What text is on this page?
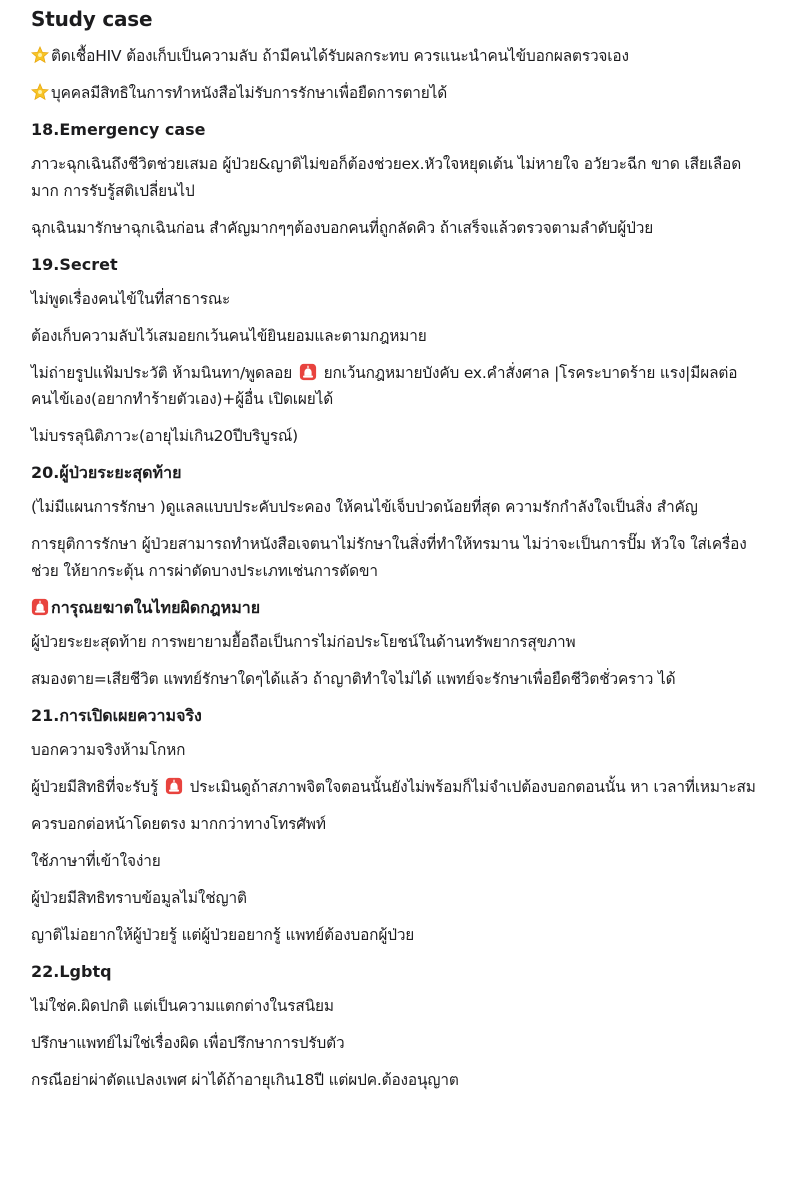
Study case
ติดเชื้อHIV ต้องเก็บเป็นความลับ ถ้ามีคนได้รับผลกระทบ ควรแนะนำคนไข้บอกผลตรวจเอง
บุคคลมีสิทธิในการทำหนังสือไม่รับการรักษาเพื่อยืดการตายได้
18.Emergency case
ภาวะฉุกเฉินถึงชีวิตช่วยเสมอ ผู้ป่วย&ญาติไม่ขอก็ต้องช่วยex.หัวใจหยุดเต้น ไม่หายใจ อวัยวะฉีก ขาด เสียเลือดมาก การรับรู้สติเปลี่ยนไป
ฉุกเฉินมารักษาฉุกเฉินก่อน สำคัญมากๆๆต้องบอกคนที่ถูกลัดคิว ถ้าเสร็จแล้วตรวจตามลำดับผู้ป่วย
19.Secret
ไม่พูดเรื่องคนไข้ในที่สาธารณะ
ต้องเก็บความลับไว้เสมอยกเว้นคนไข้ยินยอมและตามกฎหมาย
ไม่ถ่ายรูปแฟ้มประวัติ ห้ามนินทา/พูดลอย ยกเว้นกฎหมายบังคับ ex.คำสั่งศาล |โรคระบาดร้าย แรง|มีผลต่อคนไข้เอง(อยากทำร้ายตัวเอง)+ผู้อื่น เปิดเผยได้
ไม่บรรลุนิติภาวะ(อายุไม่เกิน20ปีบริบูรณ์)
20.ผู้ป่วยระยะสุดท้าย
(ไม่มีแผนการรักษา )ดูแลลแบบประคับประคอง ให้คนไข้เจ็บปวดน้อยที่สุด ความรักกำลังใจเป็นสิ่ง สำคัญ
การยุติการรักษา ผู้ป่วยสามารถทำหนังสือเจตนาไม่รักษาในสิ่งที่ทำให้ทรมาน ไม่ว่าจะเป็นการปั๊ม หัวใจ ใส่เครื่องช่วย ให้ยากระตุ้น การผ่าตัดบางประเภทเช่นการตัดขา
การุณยฆาตในไทยผิดกฎหมาย
ผู้ป่วยระยะสุดท้าย การพยายามยื้อถือเป็นการไม่ก่อประโยชน์ในด้านทรัพยากรสุขภาพ
สมองตาย=เสียชีวิต แพทย์รักษาใดๆได้แล้ว ถ้าญาติทำใจไม่ได้ แพทย์จะรักษาเพื่อยืดชีวิตชั่วคราว ได้
21.การเปิดเผยความจริง
บอกความจริงห้ามโกหก
ผู้ป่วยมีสิทธิที่จะรับรู้ ประเมินดูถ้าสภาพจิตใจตอนนั้นยังไม่พร้อมก็ไม่จำเปต้องบอกตอนนั้น หา เวลาที่เหมาะสม
ควรบอกต่อหน้าโดยตรง มากกว่าทางโทรศัพท์
ใช้ภาษาที่เข้าใจง่าย
ผู้ป่วยมีสิทธิทราบข้อมูลไม่ใช่ญาติ
ญาติไม่อยากให้ผู้ป่วยรู้ แต่ผู้ป่วยอยากรู้ แพทย์ต้องบอกผู้ป่วย
22.Lgbtq
ไม่ใช่ค.ผิดปกติ แต่เป็นความแตกต่างในรสนิยม
ปรึกษาแพทย์ไม่ใช่เรื่องผิด เพื่อปรึกษาการปรับตัว
กรณีอย่าผ่าตัดแปลงเพศ ผ่าได้ถ้าอายุเกิน18ปี แต่ผปค.ต้องอนุญาต
